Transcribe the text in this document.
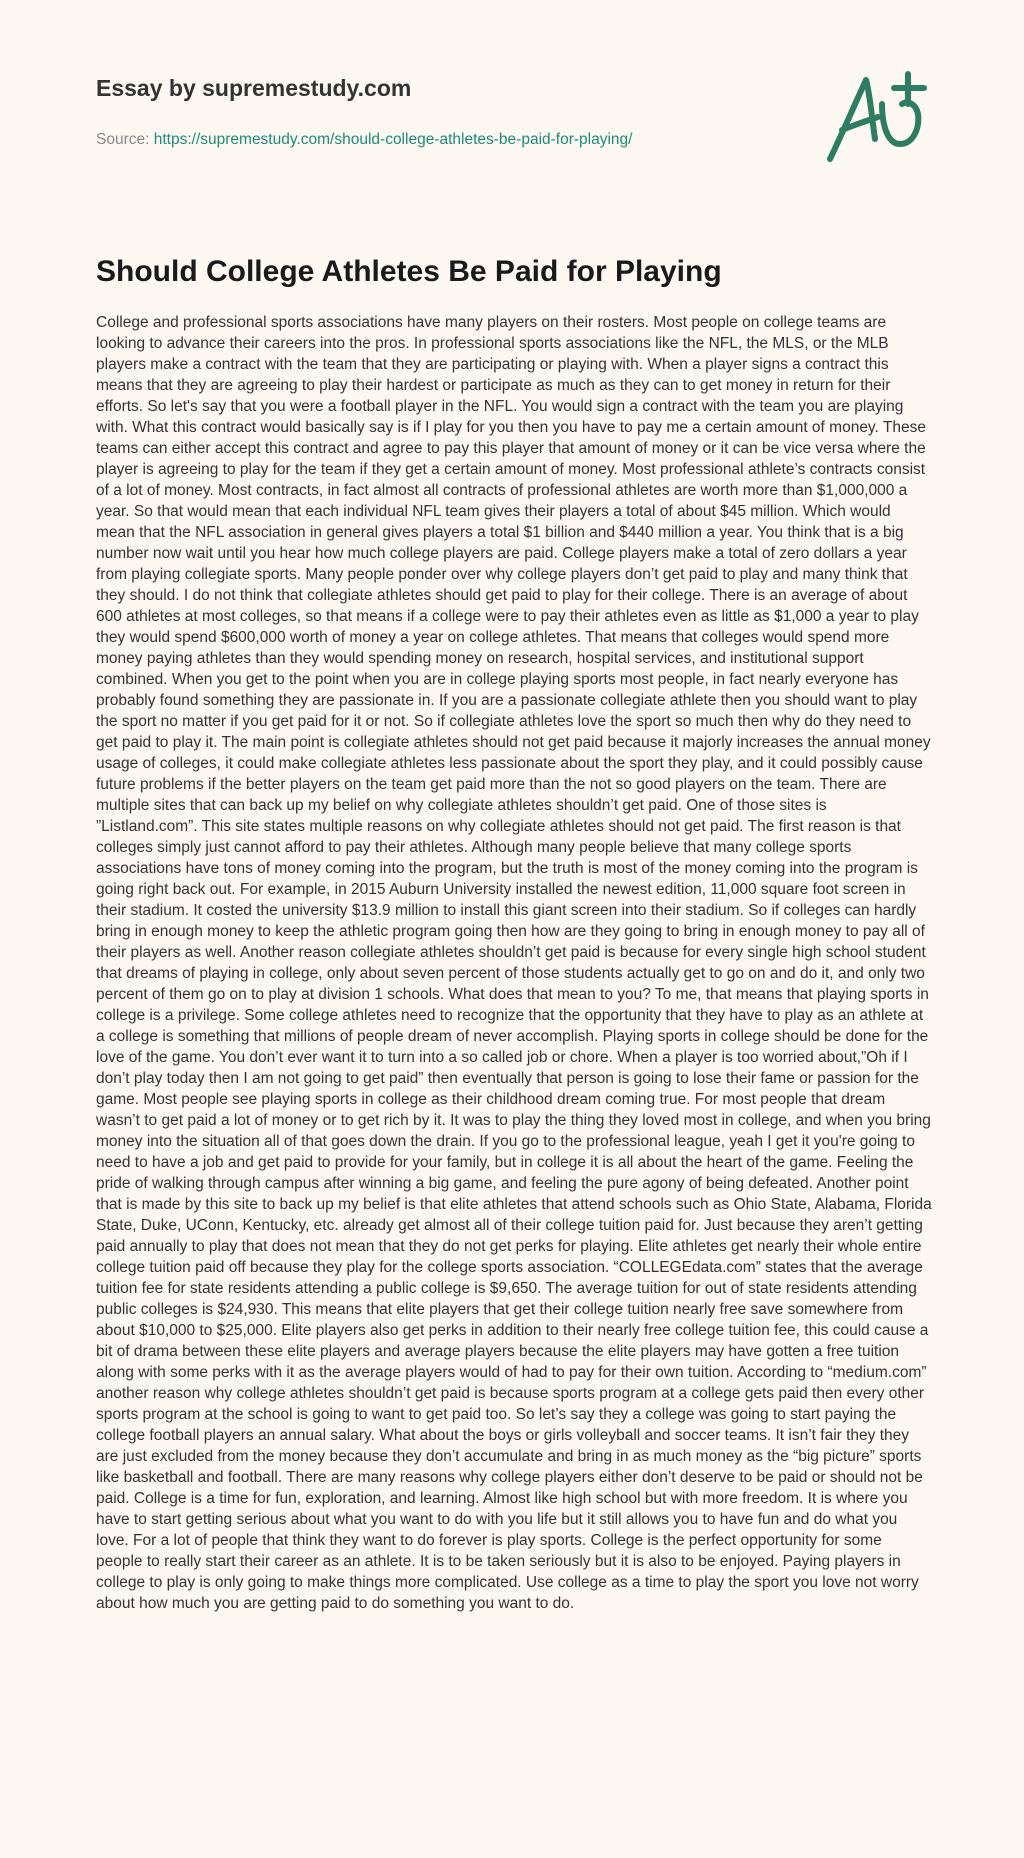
Essay by supremestudy.com
Source: https://supremestudy.com/should-college-athletes-be-paid-for-playing/
Should College Athletes Be Paid for Playing

College and professional sports associations have many players on their rosters. Most people on college teams are looking to advance their careers into the pros. In professional sports associations like the NFL, the MLS, or the MLB players make a contract with the team that they are participating or playing with. When a player signs a contract this means that they are agreeing to play their hardest or participate as much as they can to get money in return for their efforts. So let's say that you were a football player in the NFL. You would sign a contract with the team you are playing with. What this contract would basically say is if I play for you then you have to pay me a certain amount of money. These teams can either accept this contract and agree to pay this player that amount of money or it can be vice versa where the player is agreeing to play for the team if they get a certain amount of money. Most professional athlete’s contracts consist of a lot of money. Most contracts, in fact almost all contracts of professional athletes are worth more than $1,000,000 a year. So that would mean that each individual NFL team gives their players a total of about $45 million. Which would mean that the NFL association in general gives players a total $1 billion and $440 million a year. You think that is a big number now wait until you hear how much college players are paid. College players make a total of zero dollars a year from playing collegiate sports. Many people ponder over why college players don’t get paid to play and many think that they should. I do not think that collegiate athletes should get paid to play for their college. There is an average of about 600 athletes at most colleges, so that means if a college were to pay their athletes even as little as $1,000 a year to play they would spend $600,000 worth of money a year on college athletes. That means that colleges would spend more money paying athletes than they would spending money on research, hospital services, and institutional support combined. When you get to the point when you are in college playing sports most people, in fact nearly everyone has probably found something they are passionate in. If you are a passionate collegiate athlete then you should want to play the sport no matter if you get paid for it or not. So if collegiate athletes love the sport so much then why do they need to get paid to play it. The main point is collegiate athletes should not get paid because it majorly increases the annual money usage of colleges, it could make collegiate athletes less passionate about the sport they play, and it could possibly cause future problems if the better players on the team get paid more than the not so good players on the team. There are multiple sites that can back up my belief on why collegiate athletes shouldn’t get paid. One of those sites is ”Listland.com”. This site states multiple reasons on why collegiate athletes should not get paid. The first reason is that colleges simply just cannot afford to pay their athletes. Although many people believe that many college sports associations have tons of money coming into the program, but the truth is most of the money coming into the program is going right back out. For example, in 2015 Auburn University installed the newest edition, 11,000 square foot screen in their stadium. It costed the university $13.9 million to install this giant screen into their stadium. So if colleges can hardly bring in enough money to keep the athletic program going then how are they going to bring in enough money to pay all of their players as well. Another reason collegiate athletes shouldn’t get paid is because for every single high school student that dreams of playing in college, only about seven percent of those students actually get to go on and do it, and only two percent of them go on to play at division 1 schools. What does that mean to you? To me, that means that playing sports in college is a privilege. Some college athletes need to recognize that the opportunity that they have to play as an athlete at a college is something that millions of people dream of never accomplish. Playing sports in college should be done for the love of the game. You don’t ever want it to turn into a so called job or chore. When a player is too worried about,”Oh if I don’t play today then I am not going to get paid” then eventually that person is going to lose their fame or passion for the game. Most people see playing sports in college as their childhood dream coming true. For most people that dream wasn’t to get paid a lot of money or to get rich by it. It was to play the thing they loved most in college, and when you bring money into the situation all of that goes down the drain. If you go to the professional league, yeah I get it you're going to need to have a job and get paid to provide for your family, but in college it is all about the heart of the game. Feeling the pride of walking through campus after winning a big game, and feeling the pure agony of being defeated. Another point that is made by this site to back up my belief is that elite athletes that attend schools such as Ohio State, Alabama, Florida State, Duke, UConn, Kentucky, etc. already get almost all of their college tuition paid for. Just because they aren’t getting paid annually to play that does not mean that they do not get perks for playing. Elite athletes get nearly their whole entire college tuition paid off because they play for the college sports association. “COLLEGEdata.com” states that the average tuition fee for state residents attending a public college is $9,650. The average tuition for out of state residents attending public colleges is $24,930. This means that elite players that get their college tuition nearly free save somewhere from about $10,000 to $25,000. Elite players also get perks in addition to their nearly free college tuition fee, this could cause a bit of drama between these elite players and average players because the elite players may have gotten a free tuition along with some perks with it as the average players would of had to pay for their own tuition. According to “medium.com” another reason why college athletes shouldn’t get paid is because sports program at a college gets paid then every other sports program at the school is going to want to get paid too. So let’s say they a college was going to start paying the college football players an annual salary. What about the boys or girls volleyball and soccer teams. It isn’t fair they they are just excluded from the money because they don’t accumulate and bring in as much money as the “big picture” sports like basketball and football. There are many reasons why college players either don’t deserve to be paid or should not be paid. College is a time for fun, exploration, and learning. Almost like high school but with more freedom. It is where you have to start getting serious about what you want to do with you life but it still allows you to have fun and do what you love. For a lot of people that think they want to do forever is play sports. College is the perfect opportunity for some people to really start their career as an athlete. It is to be taken seriously but it is also to be enjoyed. Paying players in college to play is only going to make things more complicated. Use college as a time to play the sport you love not worry about how much you are getting paid to do something you want to do.
